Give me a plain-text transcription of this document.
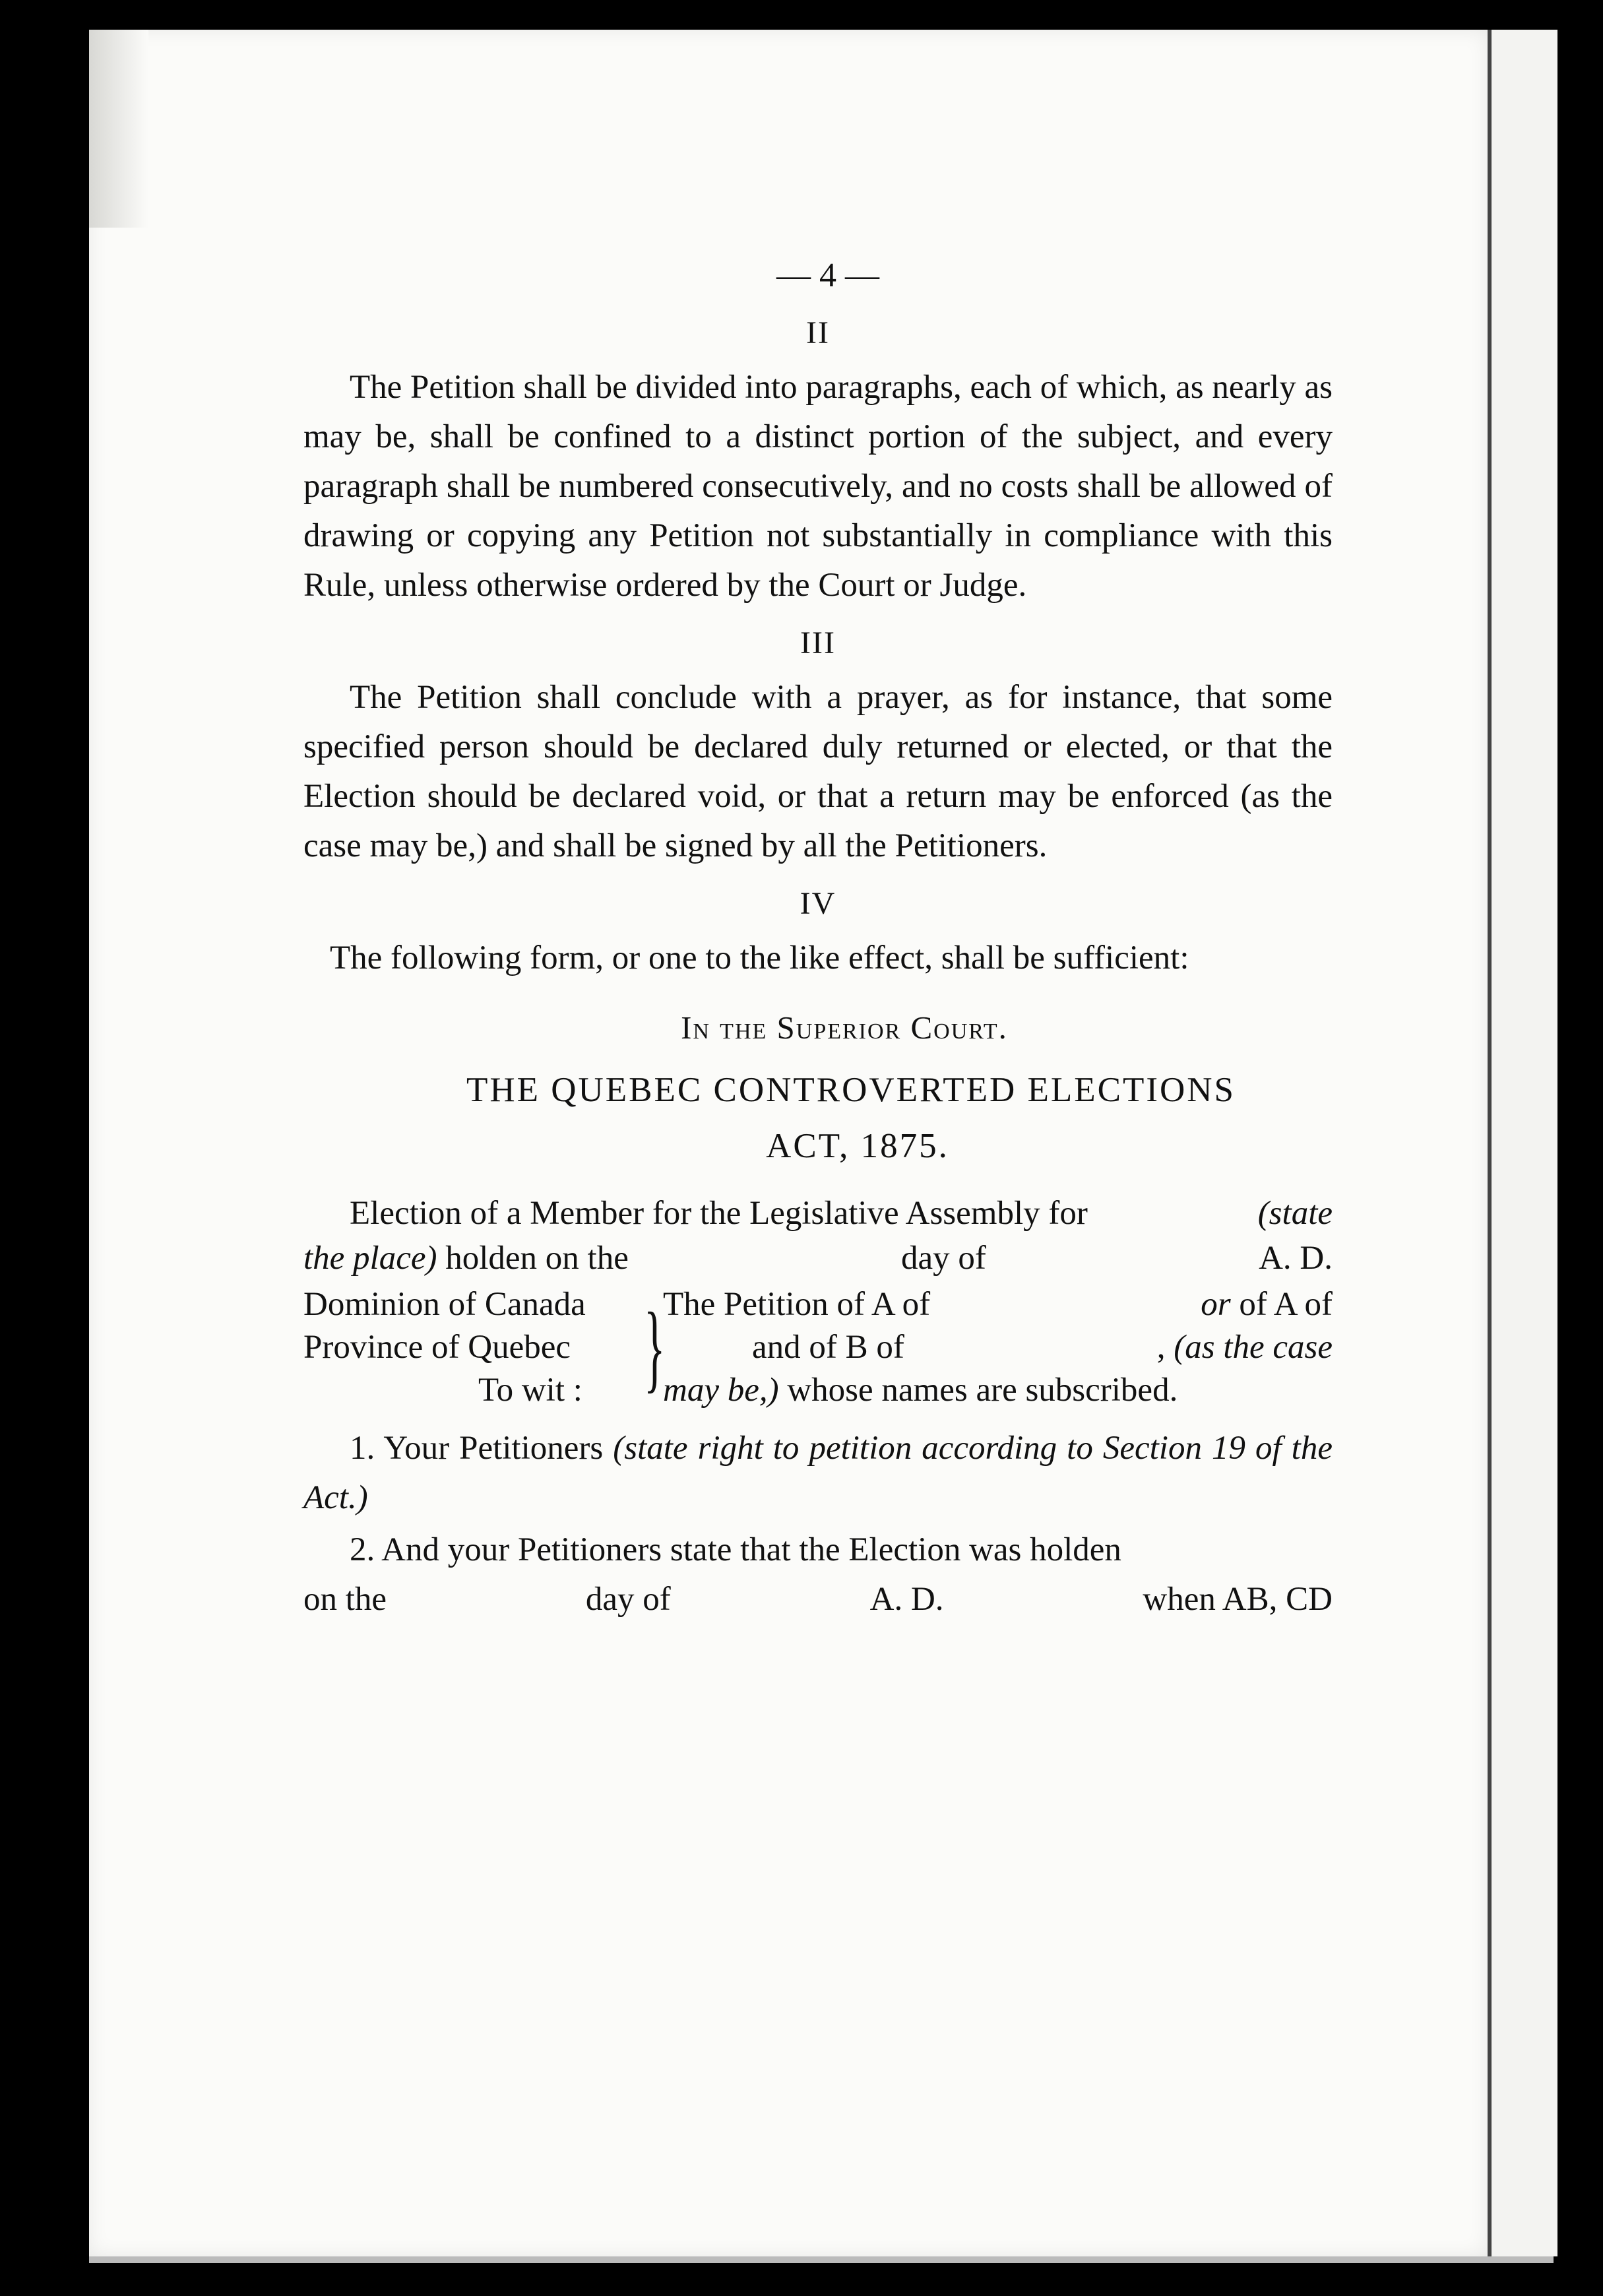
— 4 —
II

The Petition shall be divided into paragraphs, each of which, as nearly as may be, shall be confined to a distinct portion of the subject, and every paragraph shall be numbered consecutively, and no costs shall be allowed of drawing or copying any Petition not substantially in compliance with this Rule, unless otherwise ordered by the Court or Judge.

III

The Petition shall conclude with a prayer, as for instance, that some specified person should be declared duly returned or elected, or that the Election should be declared void, or that a return may be enforced (as the case may be,) and shall be signed by all the Petitioners.

IV

The following form, or one to the like effect, shall be sufficient:

In the Superior Court.
THE QUEBEC CONTROVERTED ELECTIONS
ACT, 1875.
Election of a Member for the Legislative Assembly for	(state
the place) holden on the	day of	A. D.
Dominion of Canada
Province of Quebec
To wit : }
The Petition of A of	or of A of
and of B of	, (as the case
may be,) whose names are subscribed.

1. Your Petitioners (state right to petition according to Section 19 of the Act.)

2. And your Petitioners state that the Election was holden

on the	day of	A. D.	when AB, CD
